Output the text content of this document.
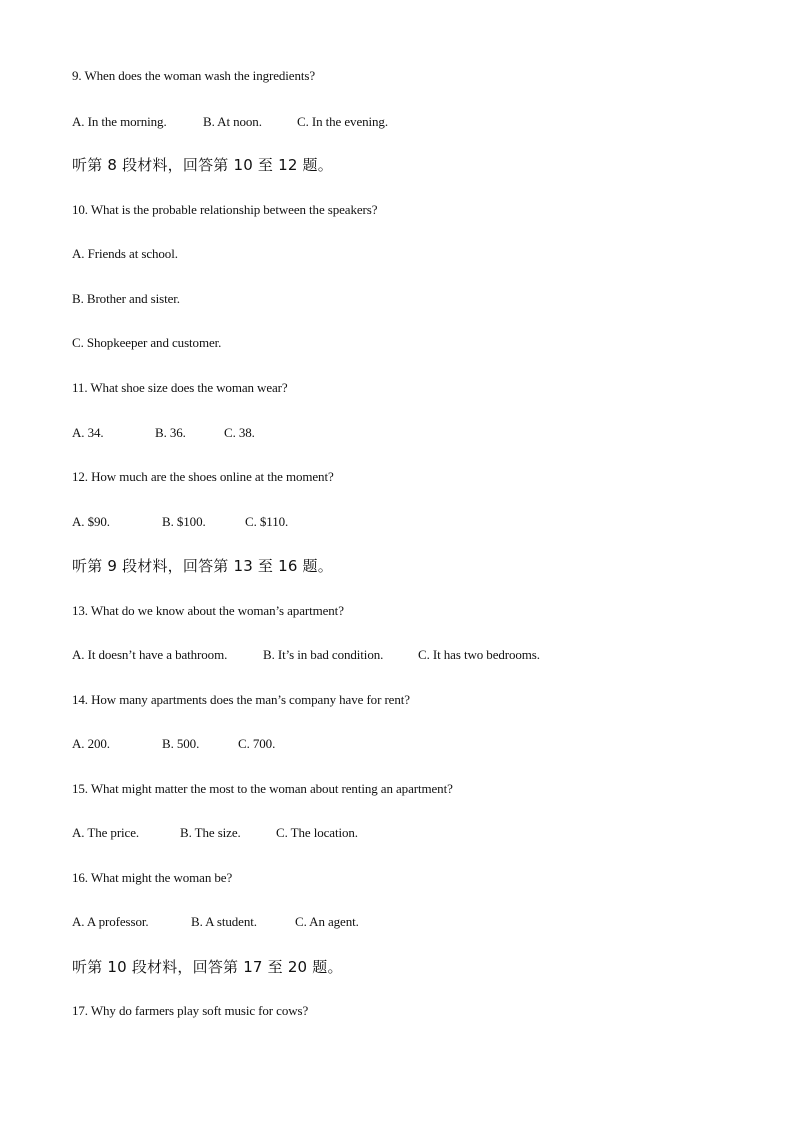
9. When does the woman wash the ingredients?
A. In the morning.	B. At noon.	C. In the evening.
听第 8 段材料，回答第 10 至 12 题。
10. What is the probable relationship between the speakers?
A. Friends at school.
B. Brother and sister.
C. Shopkeeper and customer.
11. What shoe size does the woman wear?
A. 34.	B. 36.	C. 38.
12. How much are the shoes online at the moment?
A. $90.	B. $100.	C. $110.
听第 9 段材料，回答第 13 至 16 题。
13. What do we know about the woman’s apartment?
A. It doesn’t have a bathroom.	B. It’s in bad condition.	C. It has two bedrooms.
14. How many apartments does the man’s company have for rent?
A. 200.	B. 500.	C. 700.
15. What might matter the most to the woman about renting an apartment?
A. The price.	B. The size.	C. The location.
16. What might the woman be?
A. A professor.	B. A student.	C. An agent.
听第 10 段材料，回答第 17 至 20 题。
17. Why do farmers play soft music for cows?
